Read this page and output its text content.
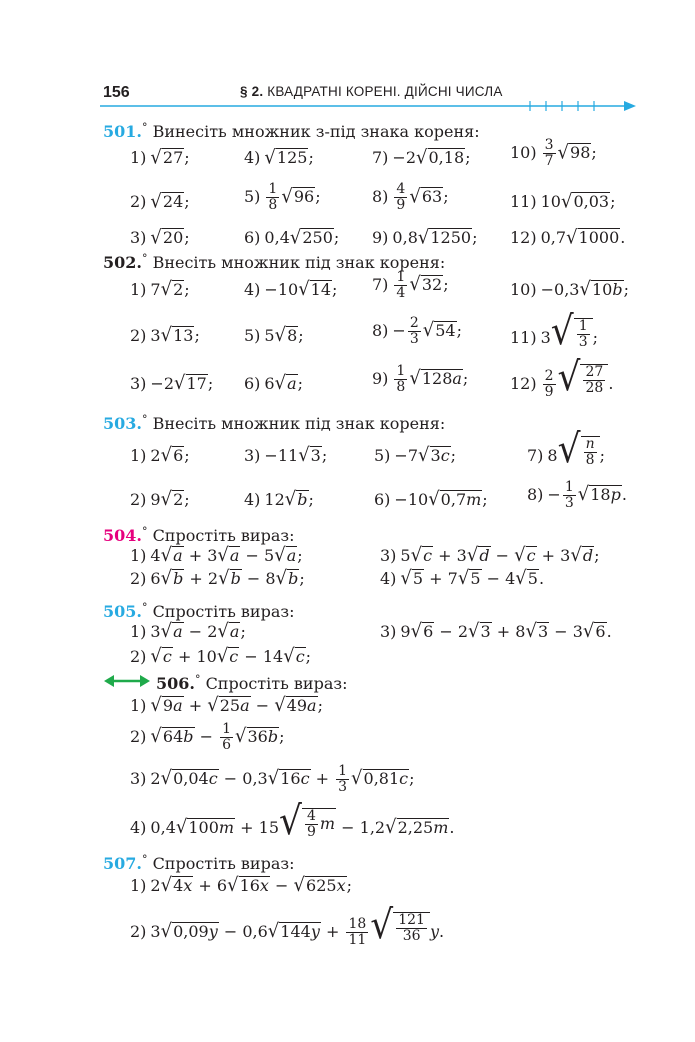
156	§ 2. КВАДРАТНІ КОРЕНІ. ДІЙСНІ ЧИСЛА
501.° Винесіть множник з-під знака кореня:
1) √ 27 ;	4) √ 125 ;	7) −2 √ 0,18 ; $10) \frac{3}{7}$ √ 98 ;
2) √ 24 ;	$5) \frac{1}{8}$ √ 96 ;	$8) \frac{4}{9}$ √ 63 ;	11) 10 √ 0,03 ;
3) √ 20 ;	6) 0,4 √ 250 ; 9) 0,8 √ 1250 ; 12) 0,7 √ 1000 .
502.° Внесіть множник під знак кореня:
1) 7 √ 2 ;	4) −10 √ 14 ; $7) \frac{1}{4}$ √ 32 ;	10) −0,3 √ 10b ;
2) 3 √ 13 ;	5) 5 √ 8 ;	$8) - \frac{2}{3}$ √ 54 ;	11) 3 √ $\frac{1}{3}$ ;
3) −2 √ 17 ; 6) 6 √ a ;	$9) \frac{1}{8}$ √ 128a ;	$12) \frac{2}{9}$ √ $\frac{27}{28}$ .
503.° Внесіть множник під знак кореня:
1) 2 √ 6 ;	3) −11 √ 3 ;	5) −7 √ 3c ;	7) 8 √ $\frac{n}{8}$ ;
2) 9 √ 2 ;	4) 12 √ b ;	6) −10 √ 0,7m ; $8) - \frac{1}{3}$ √ 18p .
504.° Спростіть вираз:
1) 4 √ a + 3 √ a − 5 √ a ;	3) 5 √ c + 3 √ d − √ c + 3 √ d ;
2) 6 √ b + 2 √ b − 8 √ b ;	4) √ 5 + 7 √ 5 − 4 √ 5 .
505.° Спростіть вираз:
1) 3 √ a − 2 √ a ;	3) 9 √ 6 − 2 √ 3 + 8 √ 3 − 3 √ 6 .
2) √ c + 10 √ c − 14 √ c ;
506.° Спростіть вираз:
1) √ 9a + √ 25a − √ 49a ;
2) √ $64b - \frac{1}{6}$ √ 36b ;
3) 2 √ 0,04c − 0,3 √ $16c + \frac{1}{3}$ √ 0,81c ;
4) 0,4 √ 100m + 15 √ $\frac{4}{9}$ m − 1,2 √ 2,25m .
507.° Спростіть вираз:
1) 2 √ 4x + 6 √ 16x − √ 625x ;
2) 3 √ 0,09y − 0,6 √ $144y + \frac{18}{11}$ √ $\frac{121}{36} y$.
